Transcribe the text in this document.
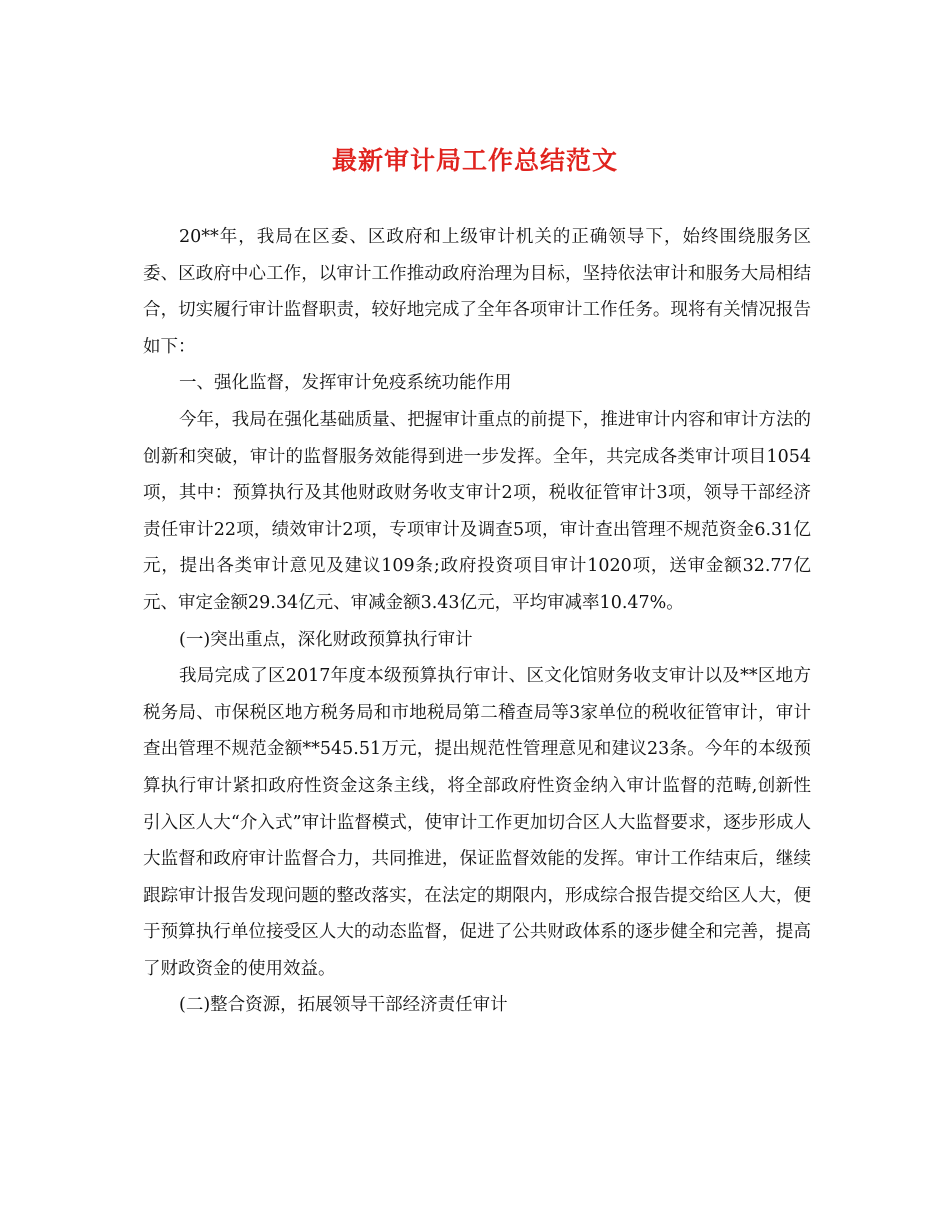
最新审计局工作总结范文

20**年，我局在区委、区政府和上级审计机关的正确领导下，始终围绕服务区委、区政府中心工作，以审计工作推动政府治理为目标，坚持依法审计和服务大局相结合，切实履行审计监督职责，较好地完成了全年各项审计工作任务。现将有关情况报告如下：

一、强化监督，发挥审计免疫系统功能作用

今年，我局在强化基础质量、把握审计重点的前提下，推进审计内容和审计方法的创新和突破，审计的监督服务效能得到进一步发挥。全年，共完成各类审计项目1054项，其中：预算执行及其他财政财务收支审计2项，税收征管审计3项，领导干部经济责任审计22项，绩效审计2项，专项审计及调查5项，审计查出管理不规范资金6.31亿元，提出各类审计意见及建议109条;政府投资项目审计1020项，送审金额32.77亿元、审定金额29.34亿元、审减金额3.43亿元，平均审减率10.47%。

(一)突出重点，深化财政预算执行审计

我局完成了区2017年度本级预算执行审计、区文化馆财务收支审计以及**区地方税务局、市保税区地方税务局和市地税局第二稽查局等3家单位的税收征管审计，审计查出管理不规范金额**545.51万元，提出规范性管理意见和建议23条。今年的本级预算执行审计紧扣政府性资金这条主线，将全部政府性资金纳入审计监督的范畴,创新性引入区人大“介入式”审计监督模式，使审计工作更加切合区人大监督要求，逐步形成人大监督和政府审计监督合力，共同推进，保证监督效能的发挥。审计工作结束后，继续跟踪审计报告发现问题的整改落实，在法定的期限内，形成综合报告提交给区人大，便于预算执行单位接受区人大的动态监督，促进了公共财政体系的逐步健全和完善，提高了财政资金的使用效益。

(二)整合资源，拓展领导干部经济责任审计
